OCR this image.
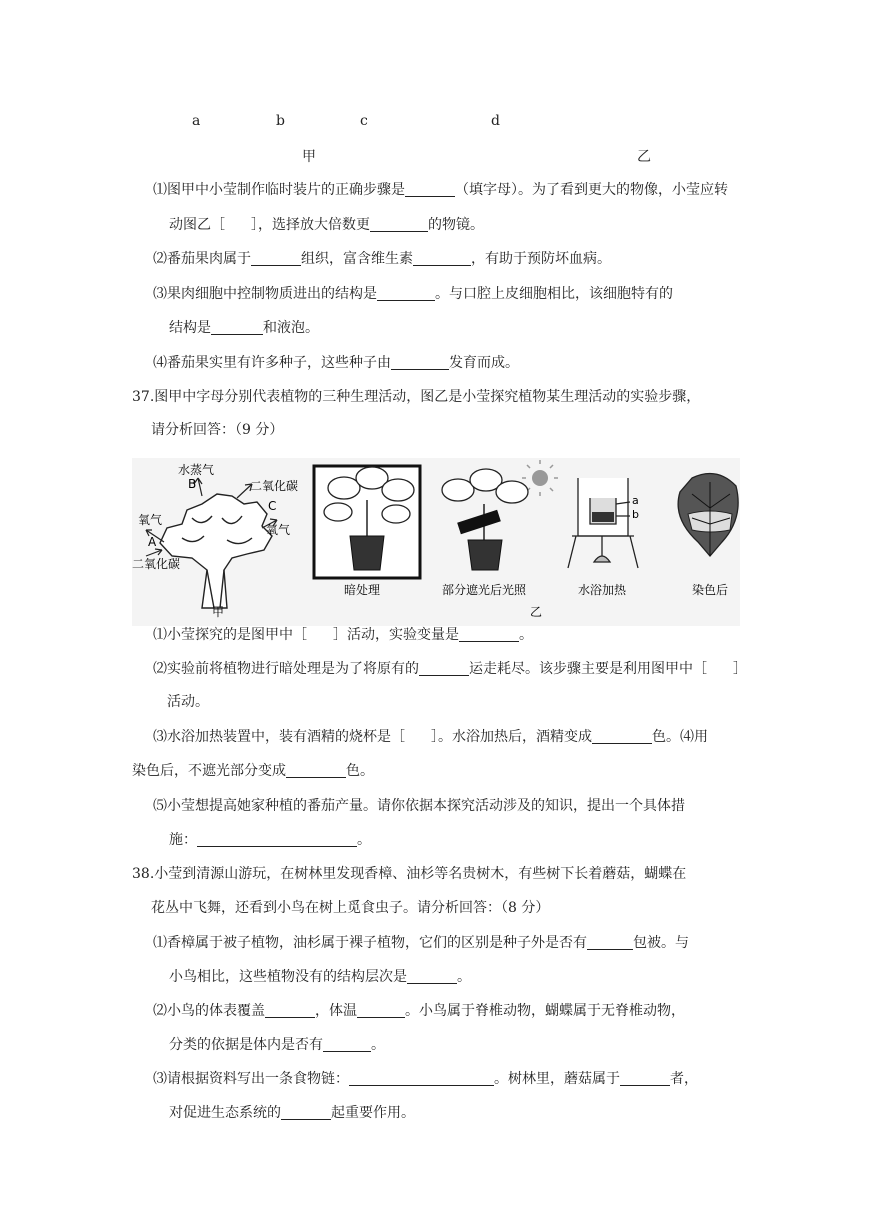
a	b	c	d
甲	乙
⑴图甲中小莹制作临时装片的正确步骤是	（填字母）。为了看到更大的物像，小莹应转
动图乙［ ］，选择放大倍数更	的物镜。
⑵番茄果肉属于	组织，富含维生素	，有助于预防坏血病。
⑶果肉细胞中控制物质进出的结构是	。与口腔上皮细胞相比，该细胞特有的
结构是	和液泡。
⑷番茄果实里有许多种子，这些种子由	发育而成。
37.图甲中字母分别代表植物的三种生理活动，图乙是小莹探究植物某生理活动的实验步骤，
请分析回答：（9 分）
水蒸气
B	二氧化碳
C
氧气
氧气
A
二氧化碳
暗处理	部分遮光后光照
a
b
水浴加热	染色后
甲	乙
⑴小莹探究的是图甲中［ ］活动，实验变量是	。
⑵实验前将植物进行暗处理是为了将原有的	运走耗尽。该步骤主要是利用图甲中［ ］
活动。
⑶水浴加热装置中，装有酒精的烧杯是［ ］。水浴加热后，酒精变成	色。⑷用
染色后，不遮光部分变成	色。
⑸小莹想提高她家种植的番茄产量。请你依据本探究活动涉及的知识，提出一个具体措
施：	。
38.小莹到清源山游玩，在树林里发现香樟、油杉等名贵树木，有些树下长着蘑菇，蝴蝶在
花丛中飞舞，还看到小鸟在树上觅食虫子。请分析回答：（8 分）
⑴香樟属于被子植物，油杉属于裸子植物，它们的区别是种子外是否有	包被。与
小鸟相比，这些植物没有的结构层次是	。
⑵小鸟的体表覆盖	，体温	。小鸟属于脊椎动物，蝴蝶属于无脊椎动物，
分类的依据是体内是否有	。
⑶请根据资料写出一条食物链：	。树林里，蘑菇属于	者，
对促进生态系统的	起重要作用。
